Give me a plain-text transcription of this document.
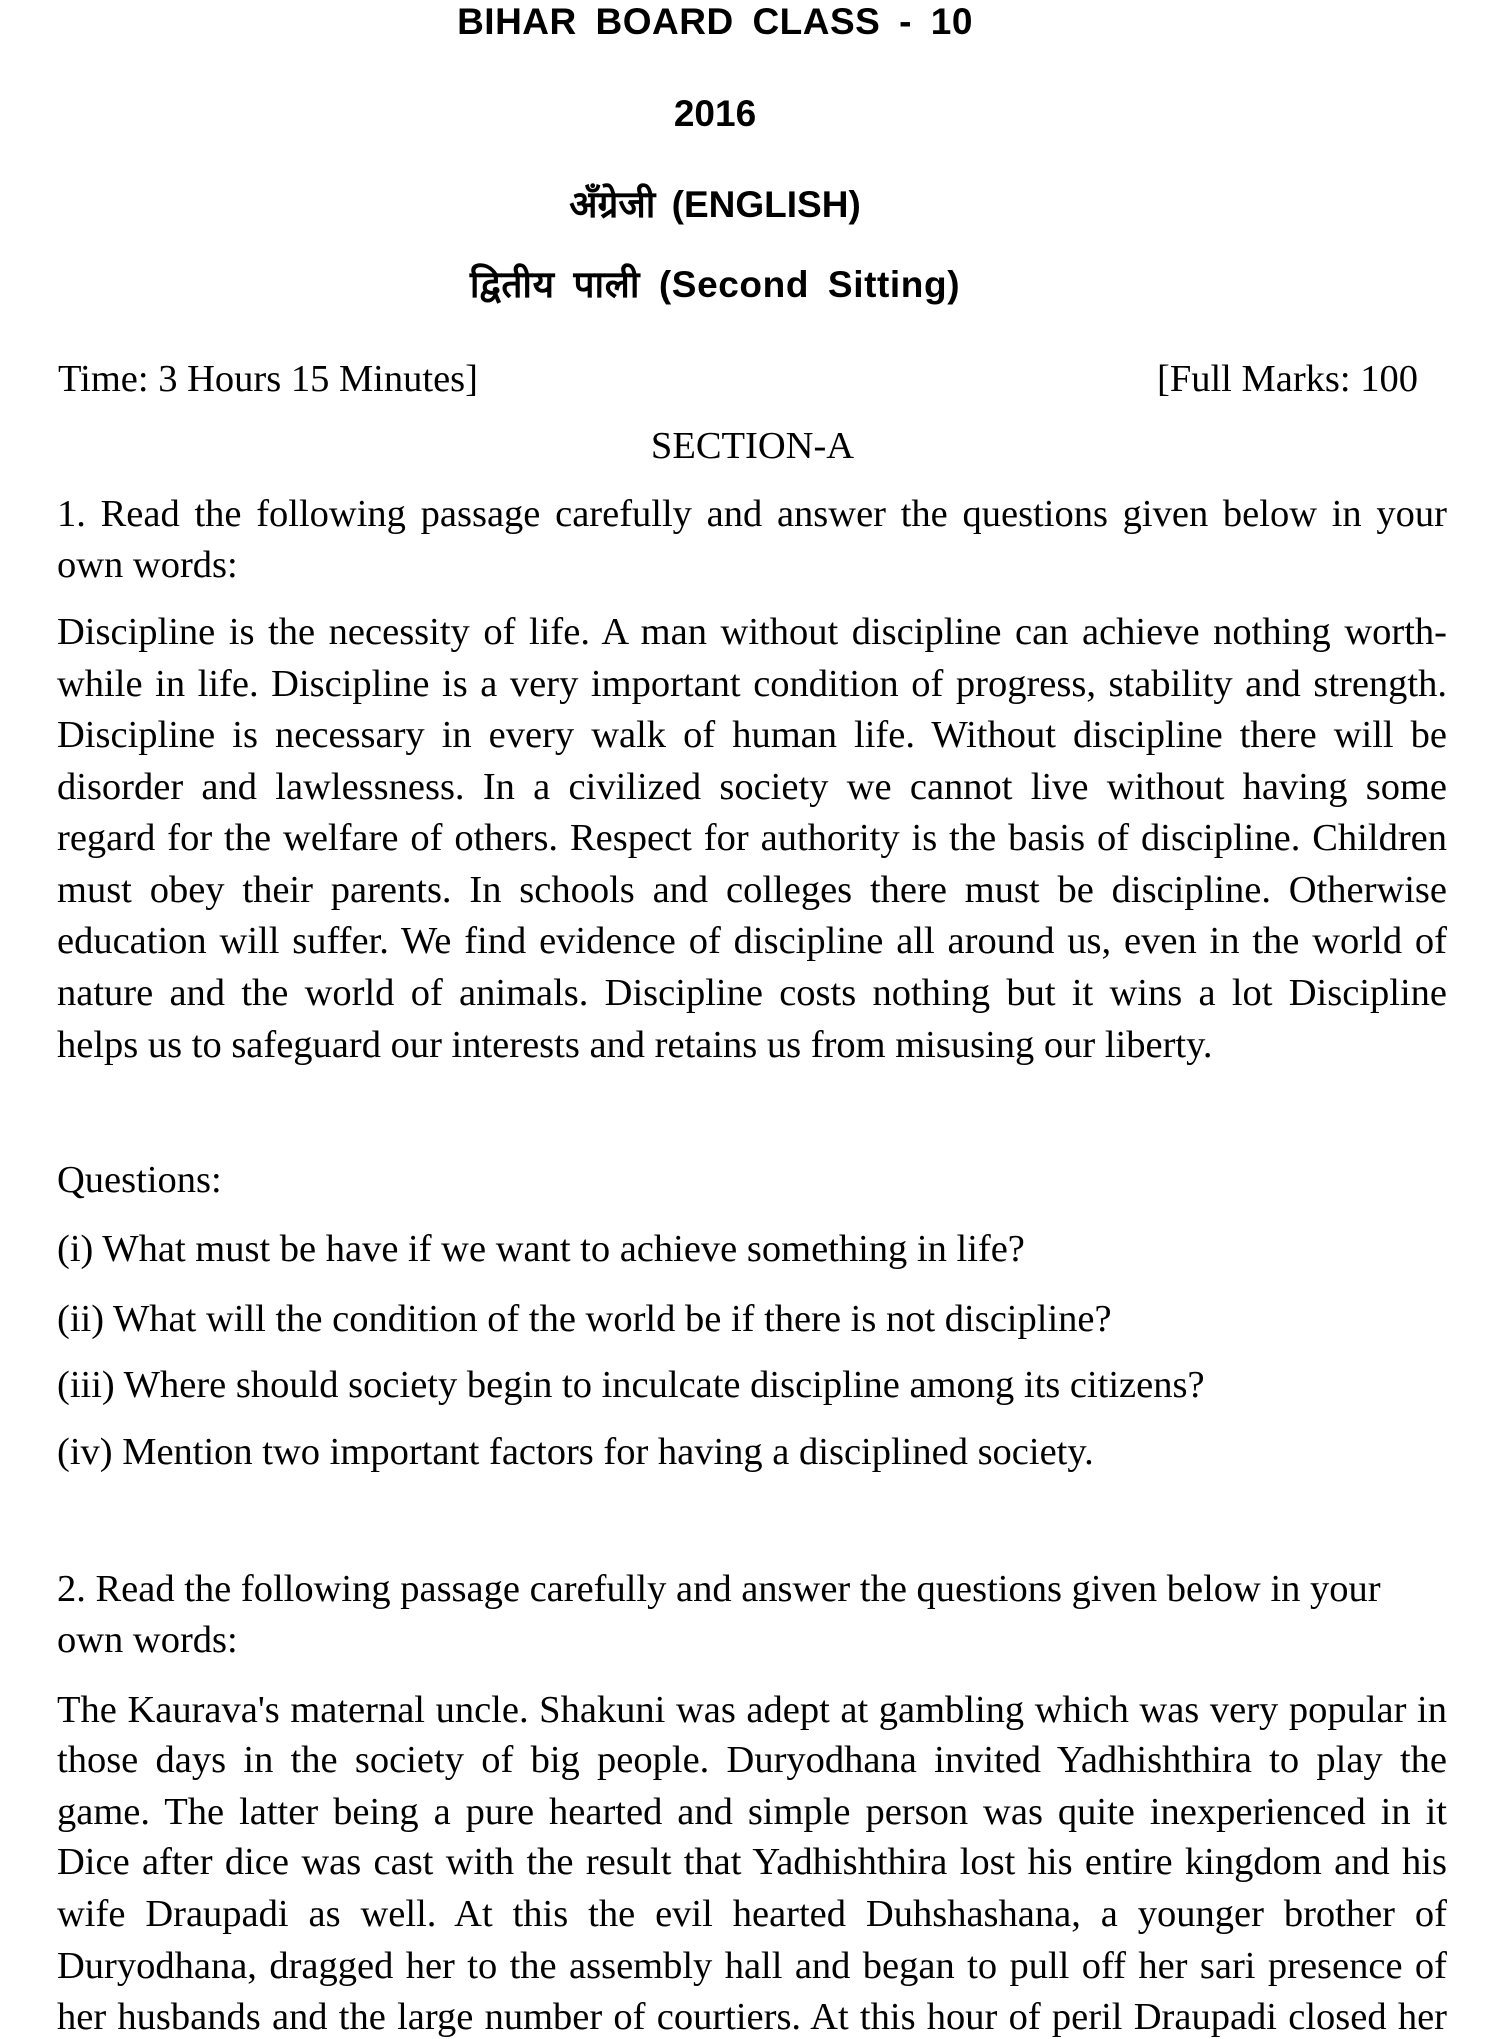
BIHAR BOARD CLASS - 10
2016
अँग्रेजी (ENGLISH)
द्वितीय पाली (Second Sitting)
Time: 3 Hours 15 Minutes]	[Full Marks: 100
SECTION-A
1. Read the following passage carefully and answer the questions given below in your
own words:
Discipline is the necessity of life. A man without discipline can achieve nothing worth-
while in life. Discipline is a very important condition of progress, stability and strength.
Discipline is necessary in every walk of human life. Without discipline there will be
disorder and lawlessness. In a civilized society we cannot live without having some
regard for the welfare of others. Respect for authority is the basis of discipline. Children
must obey their parents. In schools and colleges there must be discipline. Otherwise
education will suffer. We find evidence of discipline all around us, even in the world of
nature and the world of animals. Discipline costs nothing but it wins a lot Discipline
helps us to safeguard our interests and retains us from misusing our liberty.
Questions:
(i) What must be have if we want to achieve something in life?
(ii) What will the condition of the world be if there is not discipline?
(iii) Where should society begin to inculcate discipline among its citizens?
(iv) Mention two important factors for having a disciplined society.
2. Read the following passage carefully and answer the questions given below in your
own words:
The Kaurava's maternal uncle. Shakuni was adept at gambling which was very popular in
those days in the society of big people. Duryodhana invited Yadhishthira to play the
game. The latter being a pure hearted and simple person was quite inexperienced in it
Dice after dice was cast with the result that Yadhishthira lost his entire kingdom and his
wife Draupadi as well. At this the evil hearted Duhshashana, a younger brother of
Duryodhana, dragged her to the assembly hall and began to pull off her sari presence of
her husbands and the large number of courtiers. At this hour of peril Draupadi closed her
